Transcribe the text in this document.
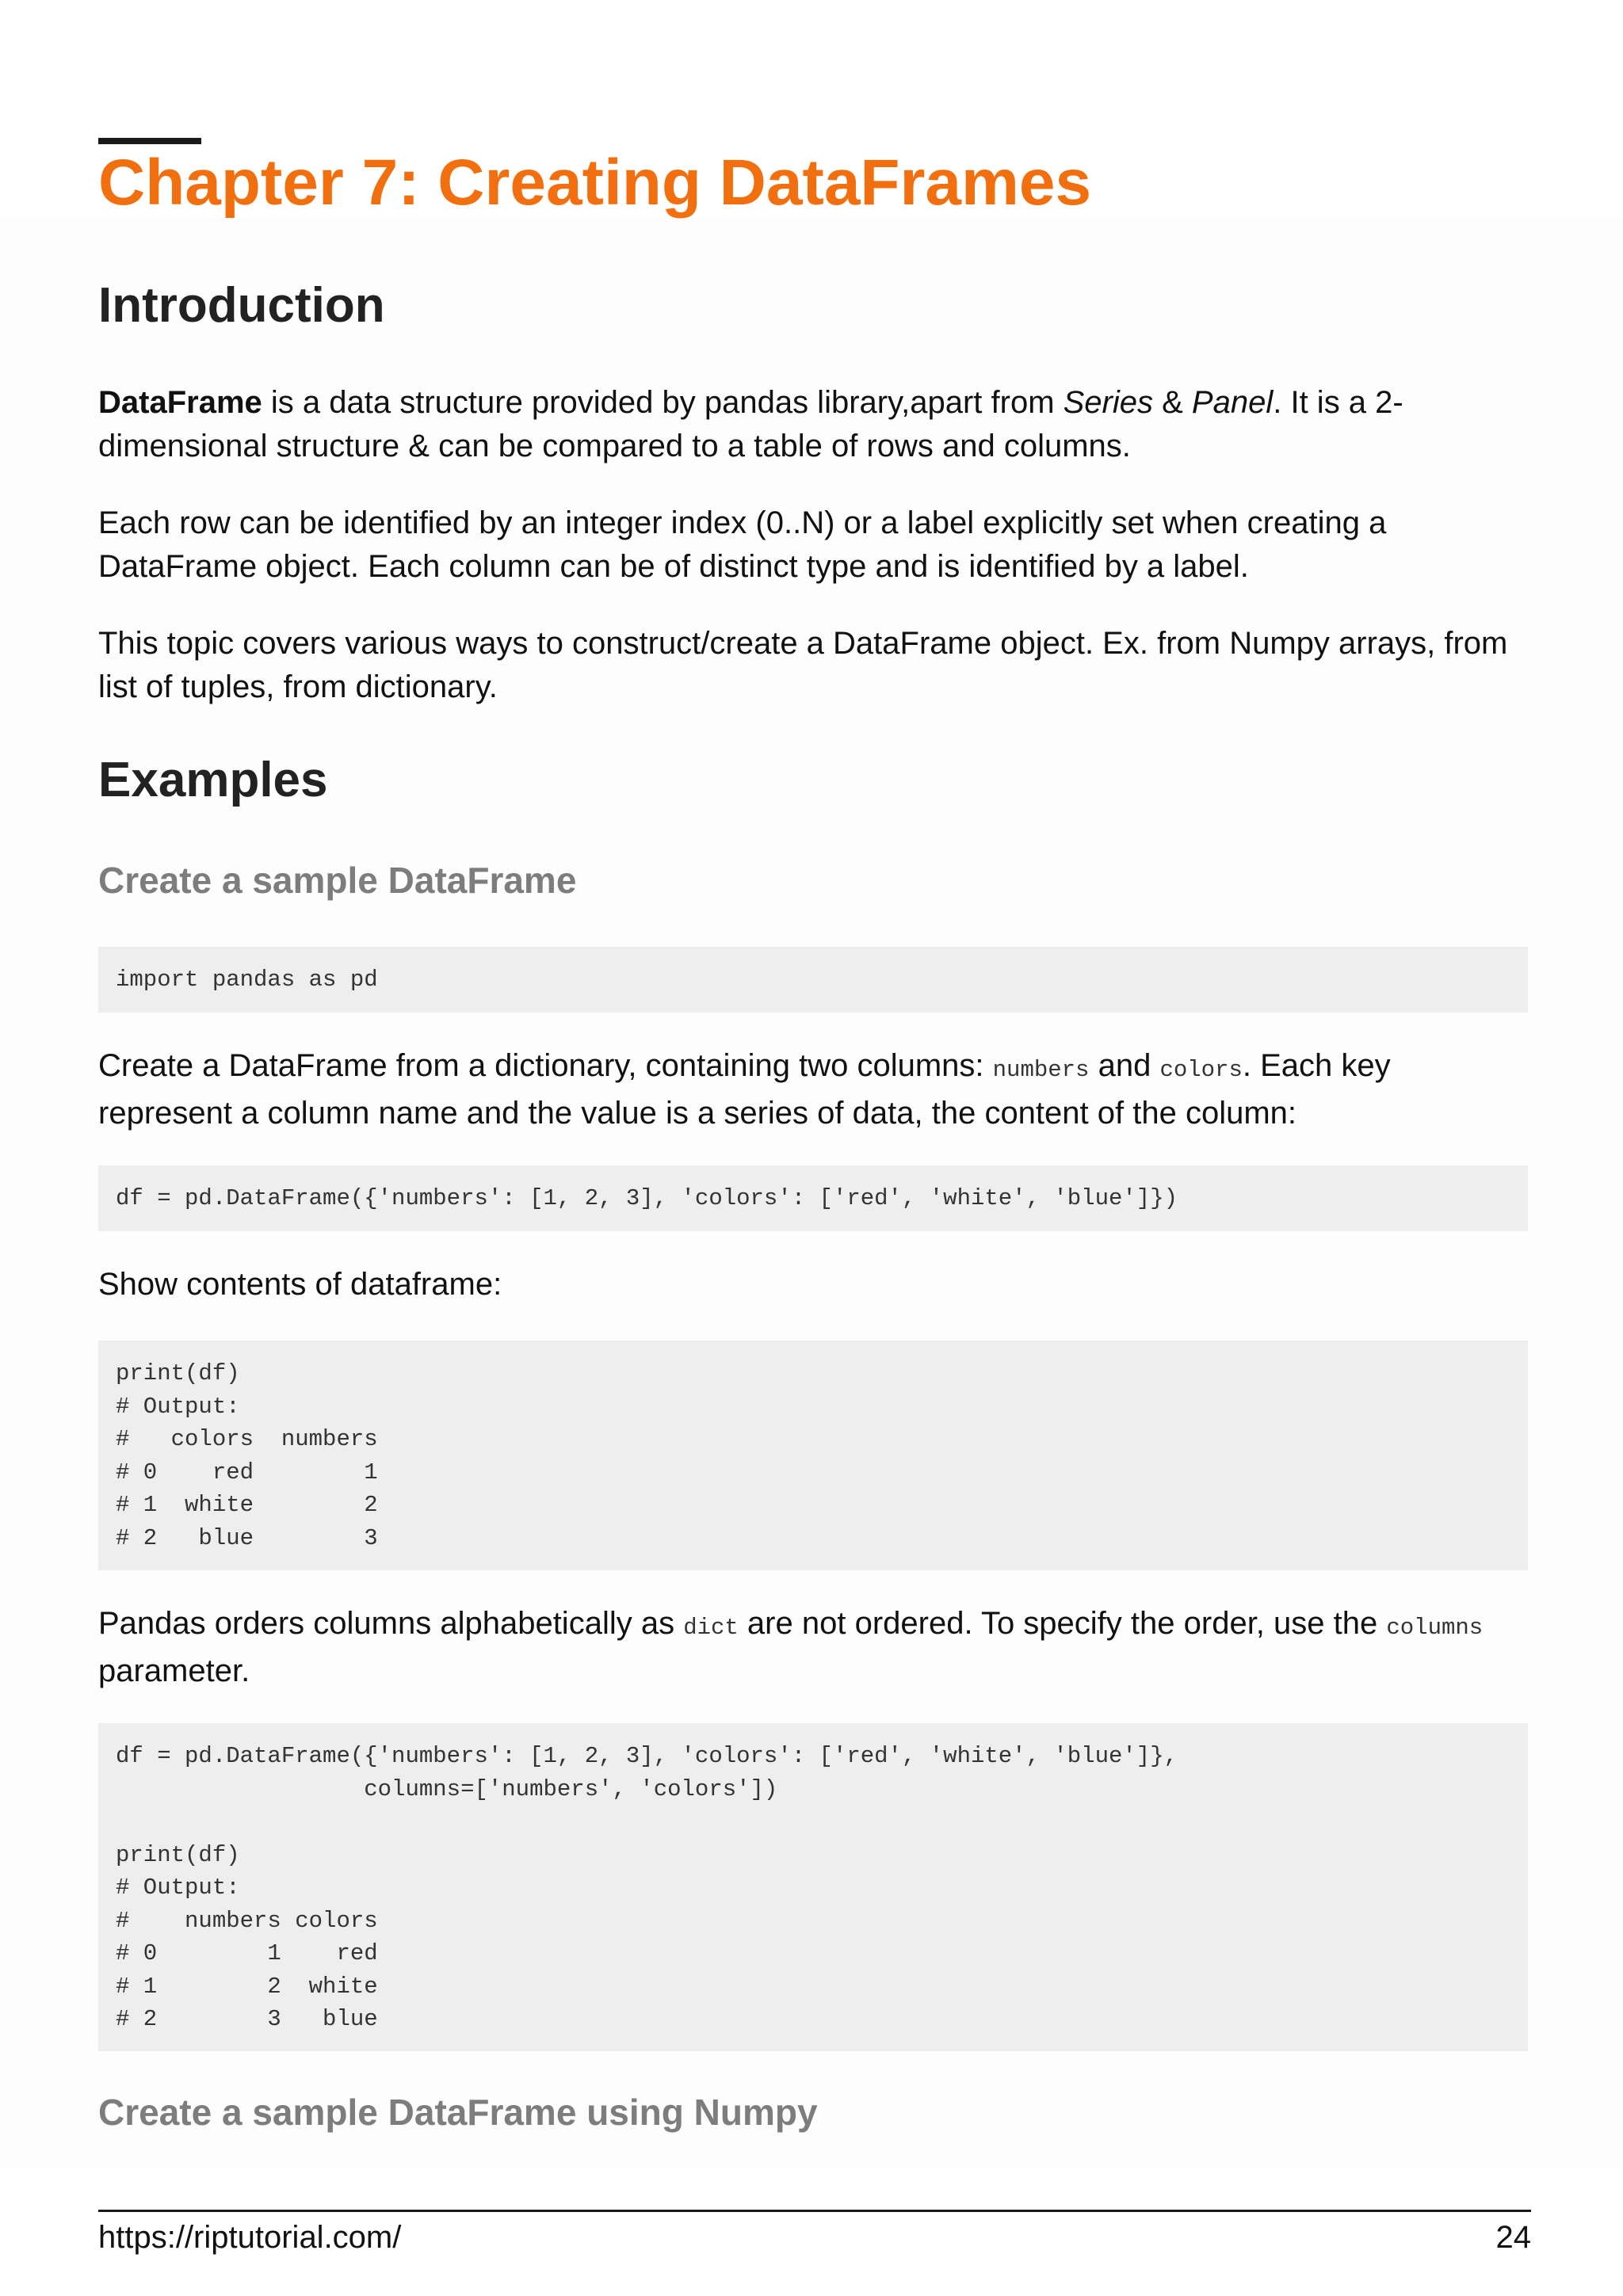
Chapter 7: Creating DataFrames
Introduction

DataFrame is a data structure provided by pandas library,apart from Series & Panel. It is a 2-dimensional structure & can be compared to a table of rows and columns.

Each row can be identified by an integer index (0..N) or a label explicitly set when creating a DataFrame object. Each column can be of distinct type and is identified by a label.

This topic covers various ways to construct/create a DataFrame object. Ex. from Numpy arrays, from list of tuples, from dictionary.

Examples
Create a sample DataFrame
import pandas as pd

Create a DataFrame from a dictionary, containing two columns: numbers and colors. Each key represent a column name and the value is a series of data, the content of the column:

df = pd.DataFrame({'numbers': [1, 2, 3], 'colors': ['red', 'white', 'blue']})

Show contents of dataframe:

print(df)
# Output:
#   colors  numbers
# 0    red        1
# 1  white        2
# 2   blue        3

Pandas orders columns alphabetically as dict are not ordered. To specify the order, use the columns parameter.

df = pd.DataFrame({'numbers': [1, 2, 3], 'colors': ['red', 'white', 'blue']},
columns=['numbers', 'colors'])

print(df)
# Output:
#    numbers colors
# 0        1    red
# 1        2  white
# 2        3   blue
Create a sample DataFrame using Numpy
https://riptutorial.com/	24
